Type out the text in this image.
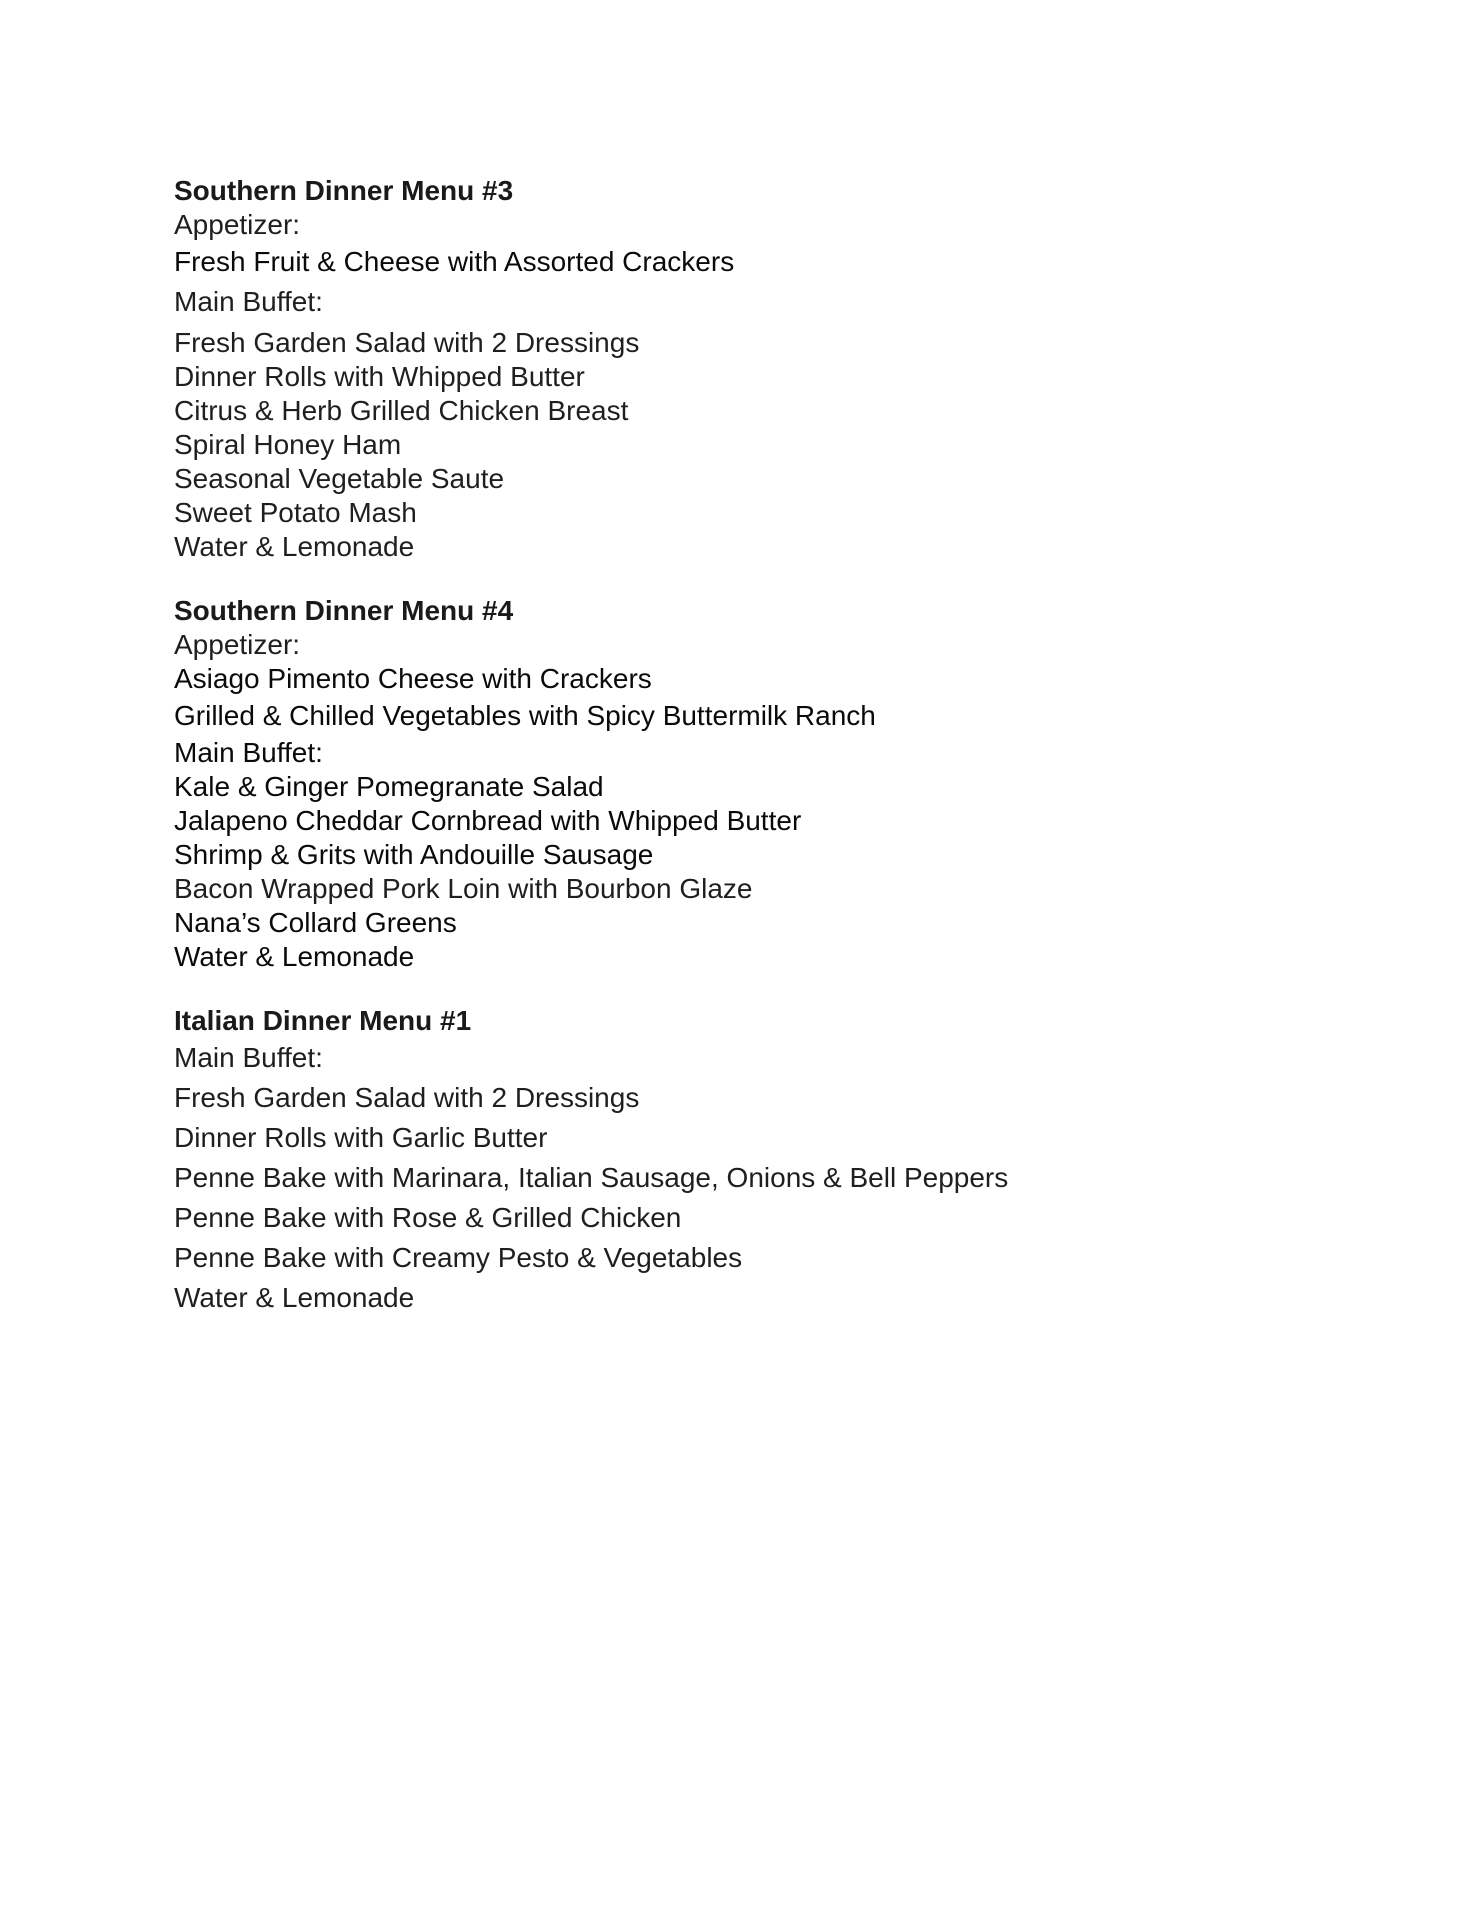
Southern Dinner Menu #3
Appetizer:
Fresh Fruit & Cheese with Assorted Crackers
Main Buffet:
Fresh Garden Salad with 2 Dressings
Dinner Rolls with Whipped Butter
Citrus & Herb Grilled Chicken Breast
Spiral Honey Ham
Seasonal Vegetable Saute
Sweet Potato Mash
Water & Lemonade
Southern Dinner Menu #4
Appetizer:
Asiago Pimento Cheese with Crackers
Grilled & Chilled Vegetables with Spicy Buttermilk Ranch
Main Buffet:
Kale & Ginger Pomegranate Salad
Jalapeno Cheddar Cornbread with Whipped Butter
Shrimp & Grits with Andouille Sausage
Bacon Wrapped Pork Loin with Bourbon Glaze
Nana’s Collard Greens
Water & Lemonade
Italian Dinner Menu #1
Main Buffet:
Fresh Garden Salad with 2 Dressings
Dinner Rolls with Garlic Butter
Penne Bake with Marinara, Italian Sausage, Onions & Bell Peppers
Penne Bake with Rose & Grilled Chicken
Penne Bake with Creamy Pesto & Vegetables
Water & Lemonade
